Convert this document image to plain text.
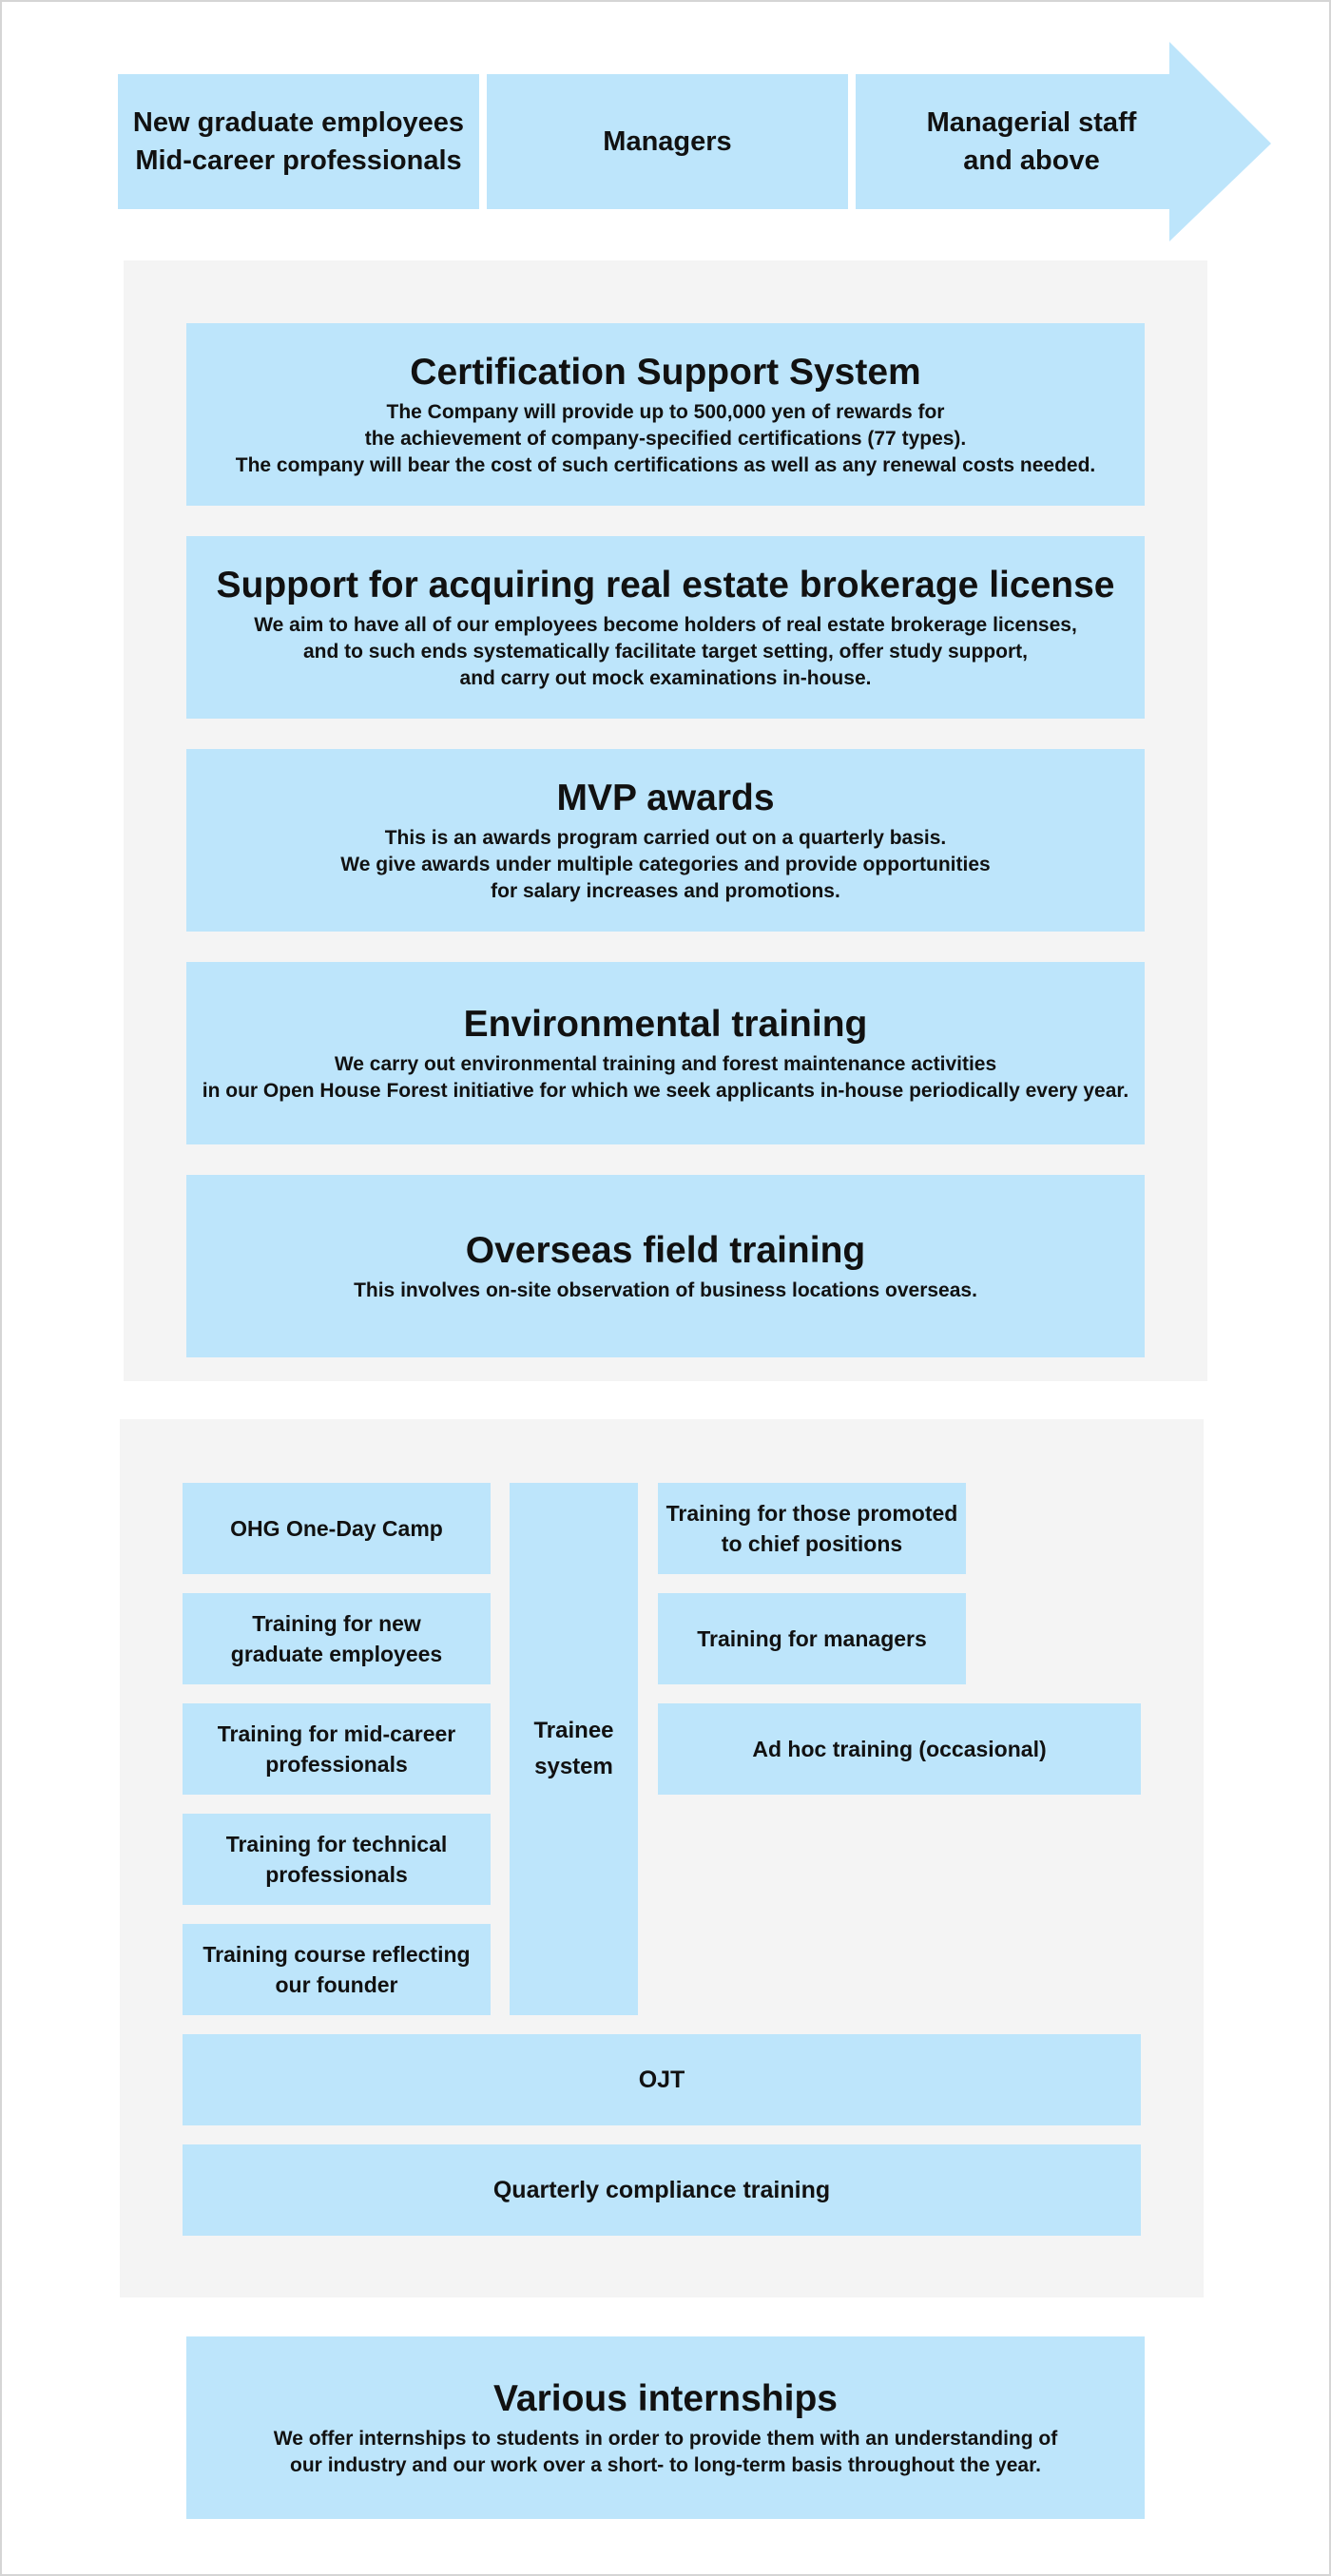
New graduate employees
Mid-career professionals
Managers
Managerial staff
and above
Certification Support System
The Company will provide up to 500,000 yen of rewards for
the achievement of company-specified certifications (77 types).
The company will bear the cost of such certifications as well as any renewal costs needed.
Support for acquiring real estate brokerage license
We aim to have all of our employees become holders of real estate brokerage licenses,
and to such ends systematically facilitate target setting, offer study support,
and carry out mock examinations in-house.
MVP awards
This is an awards program carried out on a quarterly basis.
We give awards under multiple categories and provide opportunities
for salary increases and promotions.
Environmental training
We carry out environmental training and forest maintenance activities
in our Open House Forest initiative for which we seek applicants in-house periodically every year.
Overseas field training
This involves on-site observation of business locations overseas.
OHG One-Day Camp
Training for new
graduate employees
Training for mid-career
professionals
Training for technical
professionals
Training course reflecting
our founder
Trainee
system
Training for those promoted
to chief positions
Training for managers
Ad hoc training (occasional)
OJT
Quarterly compliance training
Various internships
We offer internships to students in order to provide them with an understanding of
our industry and our work over a short- to long-term basis throughout the year.
